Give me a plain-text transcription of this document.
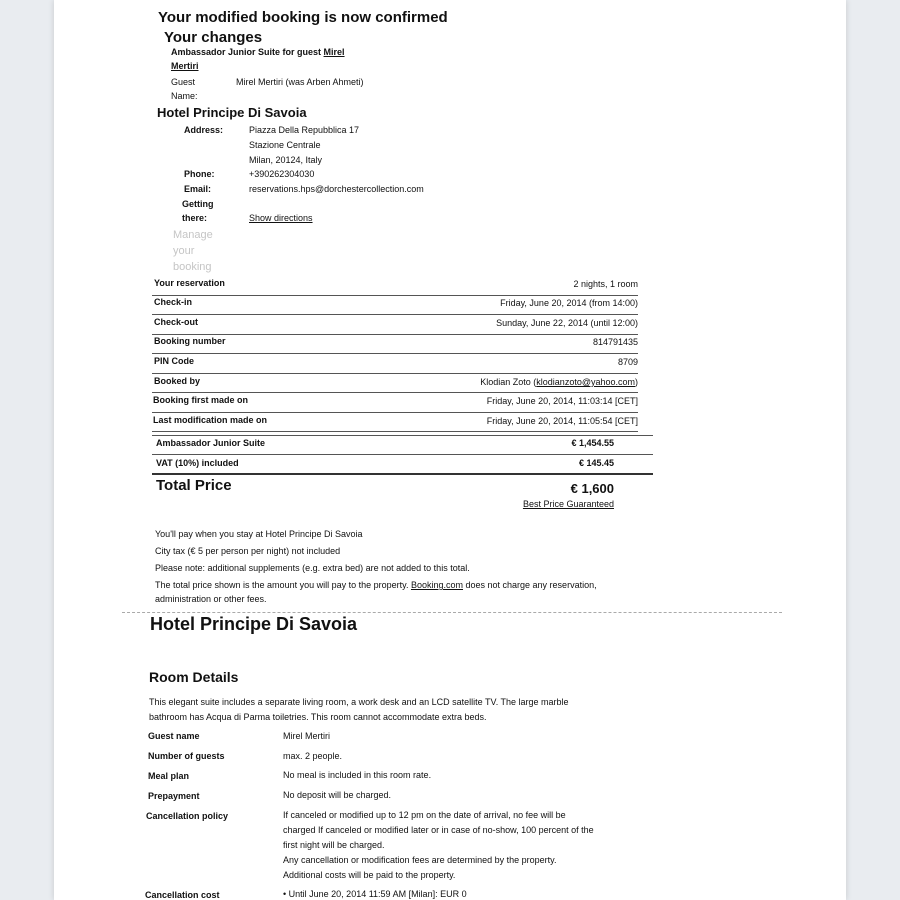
Your modified booking is now confirmed
Your changes
Ambassador Junior Suite for guest Mirel
Mertiri
Guest
Name:
Mirel Mertiri (was Arben Ahmeti)
Hotel Principe Di Savoia
Address:	Piazza Della Repubblica 17
Stazione Centrale
Milan, 20124, Italy
Phone:	+390262304030
Email:	reservations.hps@dorchestercollection.com
Getting
there:	Show directions
Manage
your
booking
Your reservation	2 nights, 1 room
Check-in	Friday, June 20, 2014 (from 14:00)
Check-out	Sunday, June 22, 2014 (until 12:00)
Booking number	814791435
PIN Code	8709
Booked by	Klodian Zoto (klodianzoto@yahoo.com)
Booking first made on	Friday, June 20, 2014, 11:03:14 [CET]
Last modification made on	Friday, June 20, 2014, 11:05:54 [CET]
Ambassador Junior Suite	€ 1,454.55
VAT (10%) included	€ 145.45
Total Price	€ 1,600
Best Price Guaranteed
You'll pay when you stay at Hotel Principe Di Savoia
City tax (€ 5 per person per night) not included
Please note: additional supplements (e.g. extra bed) are not added to this total.
The total price shown is the amount you will pay to the property. Booking.com does not charge any reservation,
administration or other fees.
Hotel Principe Di Savoia
Room Details
This elegant suite includes a separate living room, a work desk and an LCD satellite TV. The large marble
bathroom has Acqua di Parma toiletries. This room cannot accommodate extra beds.
Guest name	Mirel Mertiri
Number of guests	max. 2 people.
Meal plan	No meal is included in this room rate.
Prepayment	No deposit will be charged.
Cancellation policy	If canceled or modified up to 12 pm on the date of arrival, no fee will be
charged If canceled or modified later or in case of no-show, 100 percent of the
first night will be charged.
Any cancellation or modification fees are determined by the property.
Additional costs will be paid to the property.
Cancellation cost	• Until June 20, 2014 11:59 AM [Milan]: EUR 0
